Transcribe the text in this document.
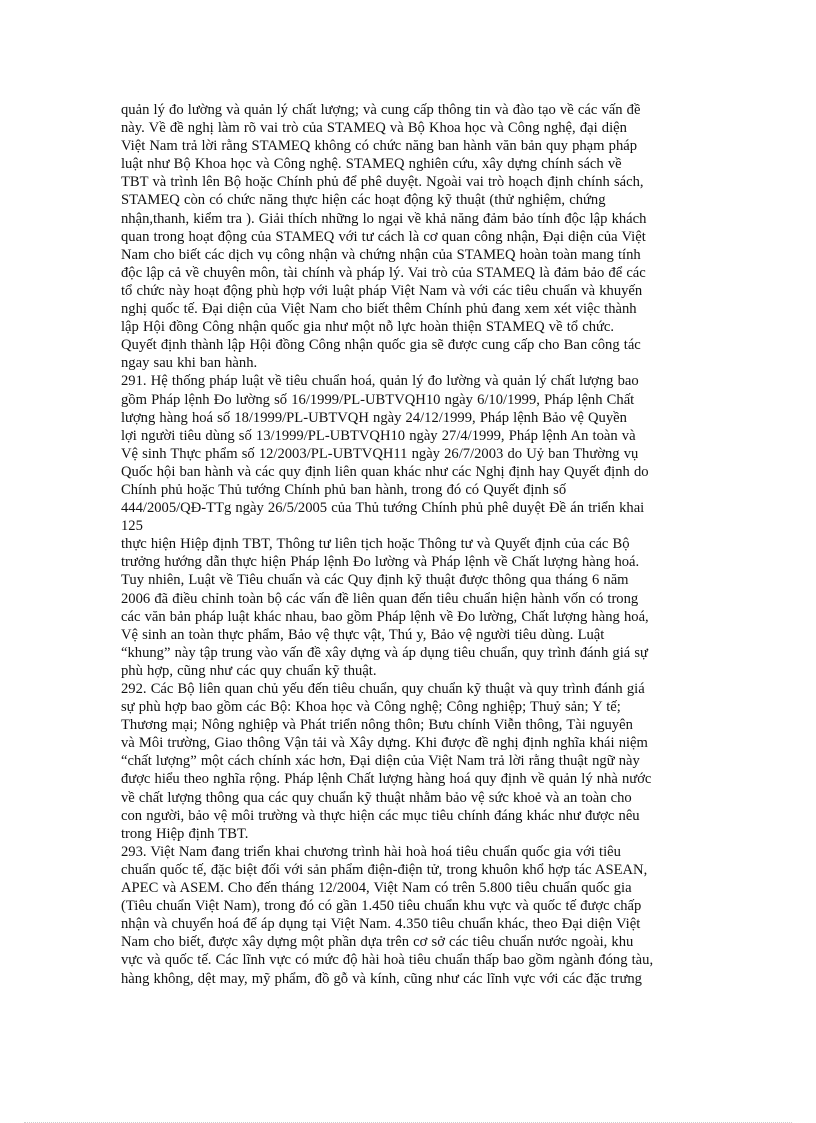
quản lý đo lường và quản lý chất lượng; và cung cấp thông tin và đào tạo về các vấn đề
này. Về đề nghị làm rõ vai trò của STAMEQ và Bộ Khoa học và Công nghệ, đại diện
Việt Nam trả lời rằng STAMEQ không có chức năng ban hành văn bản quy phạm pháp
luật như Bộ Khoa học và Công nghệ. STAMEQ nghiên cứu, xây dựng chính sách về
TBT và trình lên Bộ hoặc Chính phủ để phê duyệt. Ngoài vai trò hoạch định chính sách,
STAMEQ còn có chức năng thực hiện các hoạt động kỹ thuật (thử nghiệm, chứng
nhận,thanh, kiểm tra ). Giải thích những lo ngại về khả năng đảm bảo tính độc lập khách
quan trong hoạt động của STAMEQ với tư cách là cơ quan công nhận, Đại diện của Việt
Nam cho biết các dịch vụ công nhận và chứng nhận của STAMEQ hoàn toàn mang tính
độc lập cả về chuyên môn, tài chính và pháp lý. Vai trò của STAMEQ là đảm bảo để các
tổ chức này hoạt động phù hợp với luật pháp Việt Nam và với các tiêu chuẩn và khuyến
nghị quốc tế. Đại diện của Việt Nam cho biết thêm Chính phủ đang xem xét việc thành
lập Hội đồng Công nhận quốc gia như một nỗ lực hoàn thiện STAMEQ về tổ chức.
Quyết định thành lập Hội đồng Công nhận quốc gia sẽ được cung cấp cho Ban công tác
ngay sau khi ban hành.
291. Hệ thống pháp luật về tiêu chuẩn hoá, quản lý đo lường và quản lý chất lượng bao
gồm Pháp lệnh Đo lường số 16/1999/PL-UBTVQH10 ngày 6/10/1999, Pháp lệnh Chất
lượng hàng hoá số 18/1999/PL-UBTVQH ngày 24/12/1999, Pháp lệnh Bảo vệ Quyền
lợi người tiêu dùng số 13/1999/PL-UBTVQH10 ngày 27/4/1999, Pháp lệnh An toàn và
Vệ sinh Thực phẩm số 12/2003/PL-UBTVQH11 ngày 26/7/2003 do Uỷ ban Thường vụ
Quốc hội ban hành và các quy định liên quan khác như các Nghị định hay Quyết định do
Chính phủ hoặc Thủ tướng Chính phủ ban hành, trong đó có Quyết định số
444/2005/QĐ-TTg ngày 26/5/2005 của Thủ tướng Chính phủ phê duyệt Đề án triển khai
125
thực hiện Hiệp định TBT, Thông tư liên tịch hoặc Thông tư và Quyết định của các Bộ
trưởng hướng dẫn thực hiện Pháp lệnh Đo lường và Pháp lệnh về Chất lượng hàng hoá.
Tuy nhiên, Luật về Tiêu chuẩn và các Quy định kỹ thuật được thông qua tháng 6 năm
2006 đã điều chỉnh toàn bộ các vấn đề liên quan đến tiêu chuẩn hiện hành vốn có trong
các văn bản pháp luật khác nhau, bao gồm Pháp lệnh về Đo lường, Chất lượng hàng hoá,
Vệ sinh an toàn thực phẩm, Bảo vệ thực vật, Thú y, Bảo vệ người tiêu dùng. Luật
“khung” này tập trung vào vấn đề xây dựng và áp dụng tiêu chuẩn, quy trình đánh giá sự
phù hợp, cũng như các quy chuẩn kỹ thuật.
292. Các Bộ liên quan chủ yếu đến tiêu chuẩn, quy chuẩn kỹ thuật và quy trình đánh giá
sự phù hợp bao gồm các Bộ: Khoa học và Công nghệ; Công nghiệp; Thuỷ sản; Y tế;
Thương mại; Nông nghiệp và Phát triển nông thôn; Bưu chính Viễn thông, Tài nguyên
và Môi trường, Giao thông Vận tải và Xây dựng. Khi được đề nghị định nghĩa khái niệm
“chất lượng” một cách chính xác hơn, Đại diện của Việt Nam trả lời rằng thuật ngữ này
được hiểu theo nghĩa rộng. Pháp lệnh Chất lượng hàng hoá quy định về quản lý nhà nước
về chất lượng thông qua các quy chuẩn kỹ thuật nhằm bảo vệ sức khoẻ và an toàn cho
con người, bảo vệ môi trường và thực hiện các mục tiêu chính đáng khác như được nêu
trong Hiệp định TBT.
293. Việt Nam đang triển khai chương trình hài hoà hoá tiêu chuẩn quốc gia với tiêu
chuẩn quốc tế, đặc biệt đối với sản phẩm điện-điện tử, trong khuôn khổ hợp tác ASEAN,
APEC và ASEM. Cho đến tháng 12/2004, Việt Nam có trên 5.800 tiêu chuẩn quốc gia
(Tiêu chuẩn Việt Nam), trong đó có gần 1.450 tiêu chuẩn khu vực và quốc tế được chấp
nhận và chuyển hoá để áp dụng tại Việt Nam. 4.350 tiêu chuẩn khác, theo Đại diện Việt
Nam cho biết, được xây dựng một phần dựa trên cơ sở các tiêu chuẩn nước ngoài, khu
vực và quốc tế. Các lĩnh vực có mức độ hài hoà tiêu chuẩn thấp bao gồm ngành đóng tàu,
hàng không, dệt may, mỹ phẩm, đồ gỗ và kính, cũng như các lĩnh vực với các đặc trưng
